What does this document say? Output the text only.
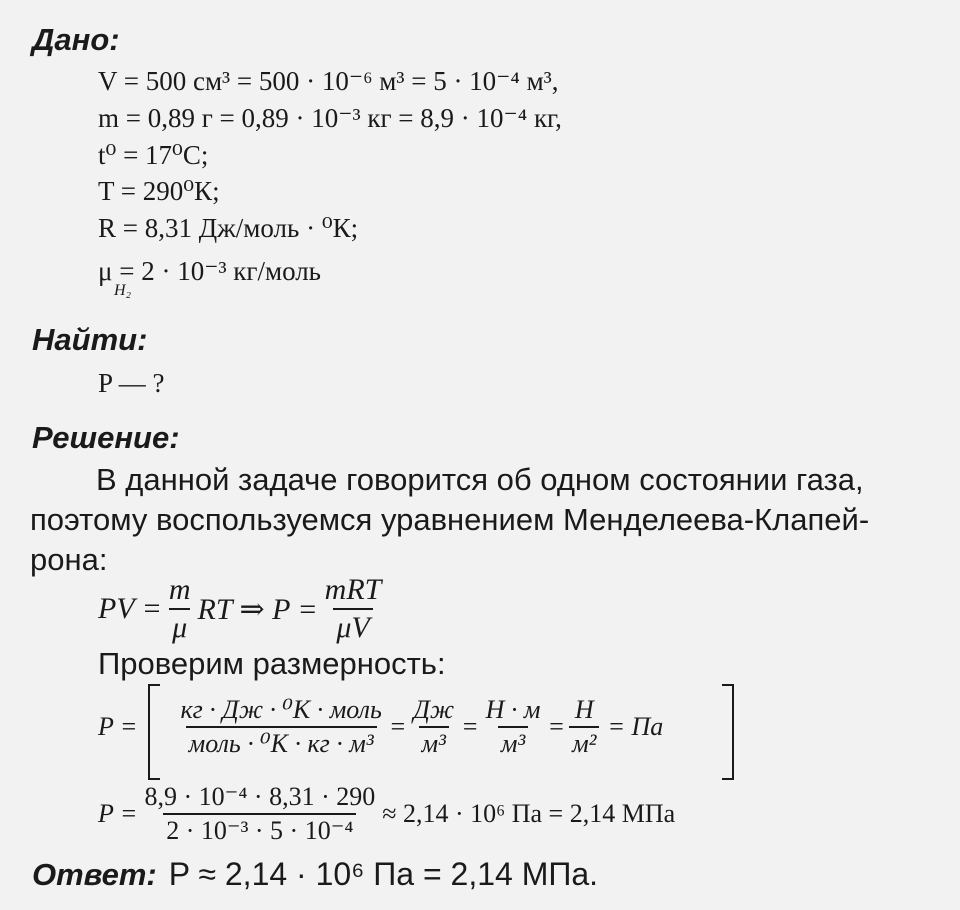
Дано:
V = 500 см³ = 500 · 10⁻⁶ м³ = 5 · 10⁻⁴ м³,
m = 0,89 г = 0,89 · 10⁻³ кг = 8,9 · 10⁻⁴ кг,
t⁰ = 17⁰С;
T = 290⁰К;
R = 8,31 Дж/моль · ⁰К;
μ = 2 · 10⁻³ кг/моль
H₂
Найти:
P — ?
Решение:
В данной задаче говорится об одном состоянии газа,
поэтому воспользуемся уравнением Менделеева-Клапей-
рона:
PV = $\frac{m}{\mu}$ RT ⇒ $P = \frac{\text{mRT}}{\mu V}$
Проверим размерность:
$P = \frac{\text{кг · Дж · ⁰К · моль}}{\text{моль · ⁰К · кг · м³}} = \frac{Дж}{\text{м³}} = \frac{Н \cdot м}{\text{м³}} = \frac{Н}{\text{м²}}$ = Па
$P = \frac{\text{8,9 · 10⁻⁴ · 8,31 · 290}}{\text{2 · 10⁻³ · 5 · 10⁻⁴}} \approx 2,14 \cdot 10^6$ Па = 2,14 МПа
Ответ: P ≈ 2,14 · 10⁶ Па = 2,14 МПа.
